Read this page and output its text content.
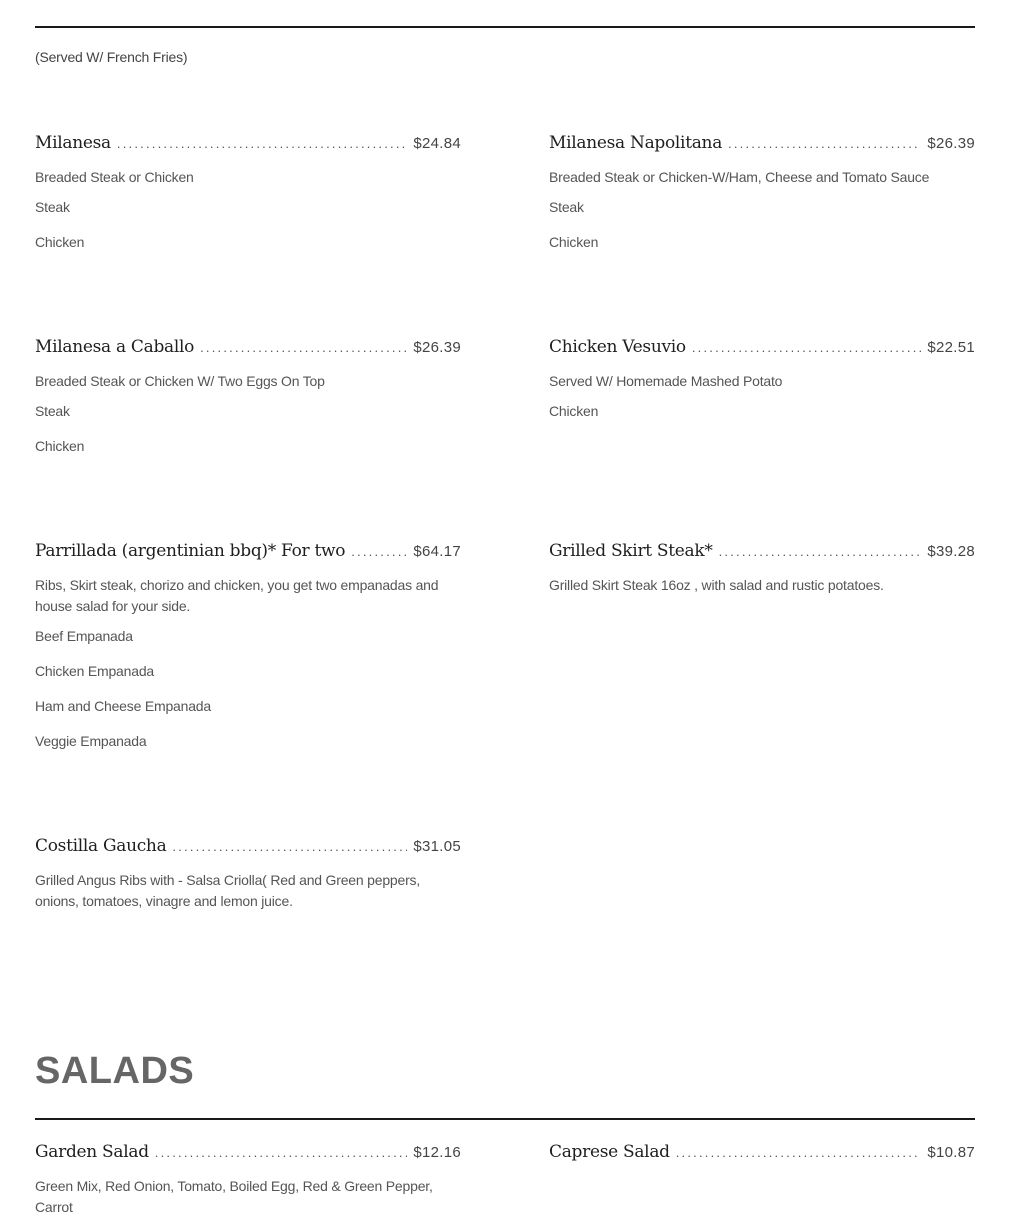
(Served W/ French Fries)
Milanesa .....	$24.84
Breaded Steak or Chicken
Steak
Chicken
Milanesa Napolitana .....	$26.39
Breaded Steak or Chicken-W/Ham, Cheese and Tomato Sauce
Steak
Chicken
Milanesa a Caballo .....	$26.39
Breaded Steak or Chicken W/ Two Eggs On Top
Steak
Chicken
Chicken Vesuvio .....	$22.51
Served W/ Homemade Mashed Potato
Chicken
Parrillada (argentinian bbq)* For two .....	$64.17
Ribs, Skirt steak, chorizo and chicken, you get two empanadas and house salad for your side.
Beef Empanada
Chicken Empanada
Ham and Cheese Empanada
Veggie Empanada
Grilled Skirt Steak* .....	$39.28
Grilled Skirt Steak 16oz , with salad and rustic potatoes.
Costilla Gaucha .....	$31.05
Grilled Angus Ribs with - Salsa Criolla( Red and Green peppers, onions, tomatoes, vinagre and lemon juice.
SALADS
Garden Salad .....	$12.16
Green Mix, Red Onion, Tomato, Boiled Egg, Red & Green Pepper, Carrot
Caprese Salad .....	$10.87
